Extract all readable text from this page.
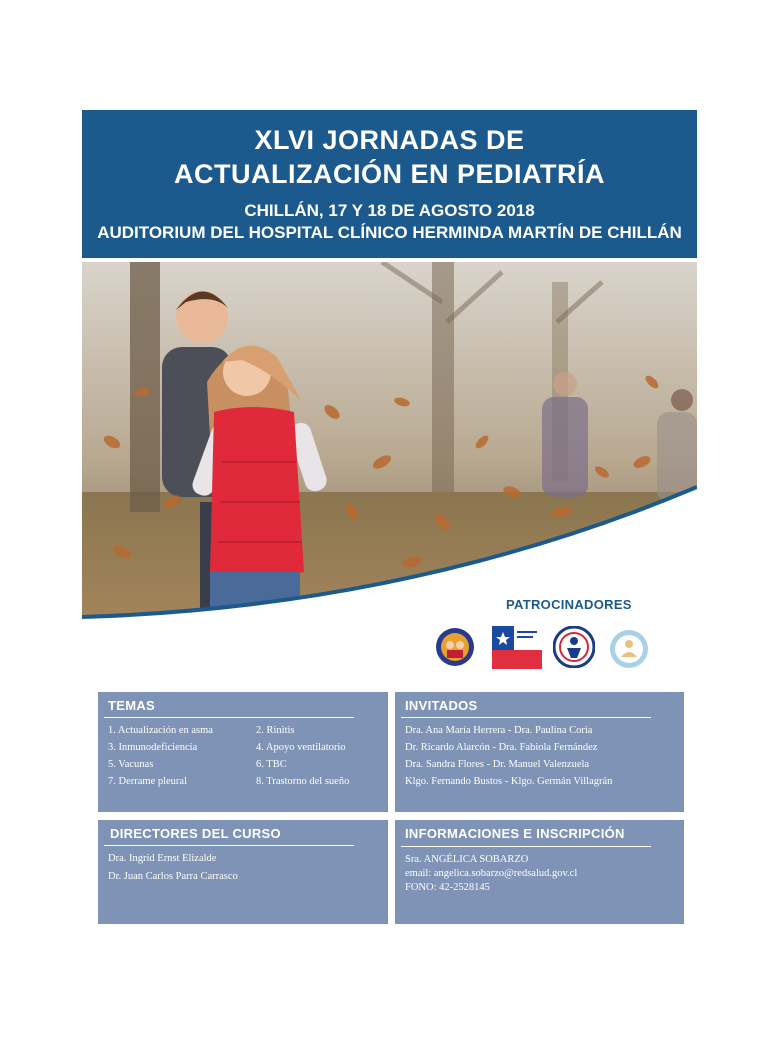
XLVI JORNADAS DE
ACTUALIZACIÓN EN PEDIATRÍA
CHILLÁN, 17 Y 18 DE AGOSTO 2018
AUDITORIUM DEL HOSPITAL CLÍNICO HERMINDA MARTÍN DE CHILLÁN
PATROCINADORES
TEMAS
1. Actualización en asma	2. Rinitis
3. Inmunodeficiencia	4. Apoyo ventilatorio
5. Vacunas	6. TBC
7. Derrame pleural	8. Trastorno del sueño
INVITADOS
Dra. Ana María Herrera - Dra. Paulina Coria
Dr. Ricardo Alarcón - Dra. Fabiola Fernández
Dra. Sandra Flores - Dr. Manuel Valenzuela
Klgo. Fernando Bustos - Klgo. Germán Villagrán
DIRECTORES DEL CURSO
Dra. Ingrid Ernst Elizalde
Dr. Juan Carlos Parra Carrasco
INFORMACIONES E INSCRIPCIÓN
Sra. ANGÉLICA SOBARZO
email: angelica.sobarzo@redsalud.gov.cl
FONO: 42-2528145
